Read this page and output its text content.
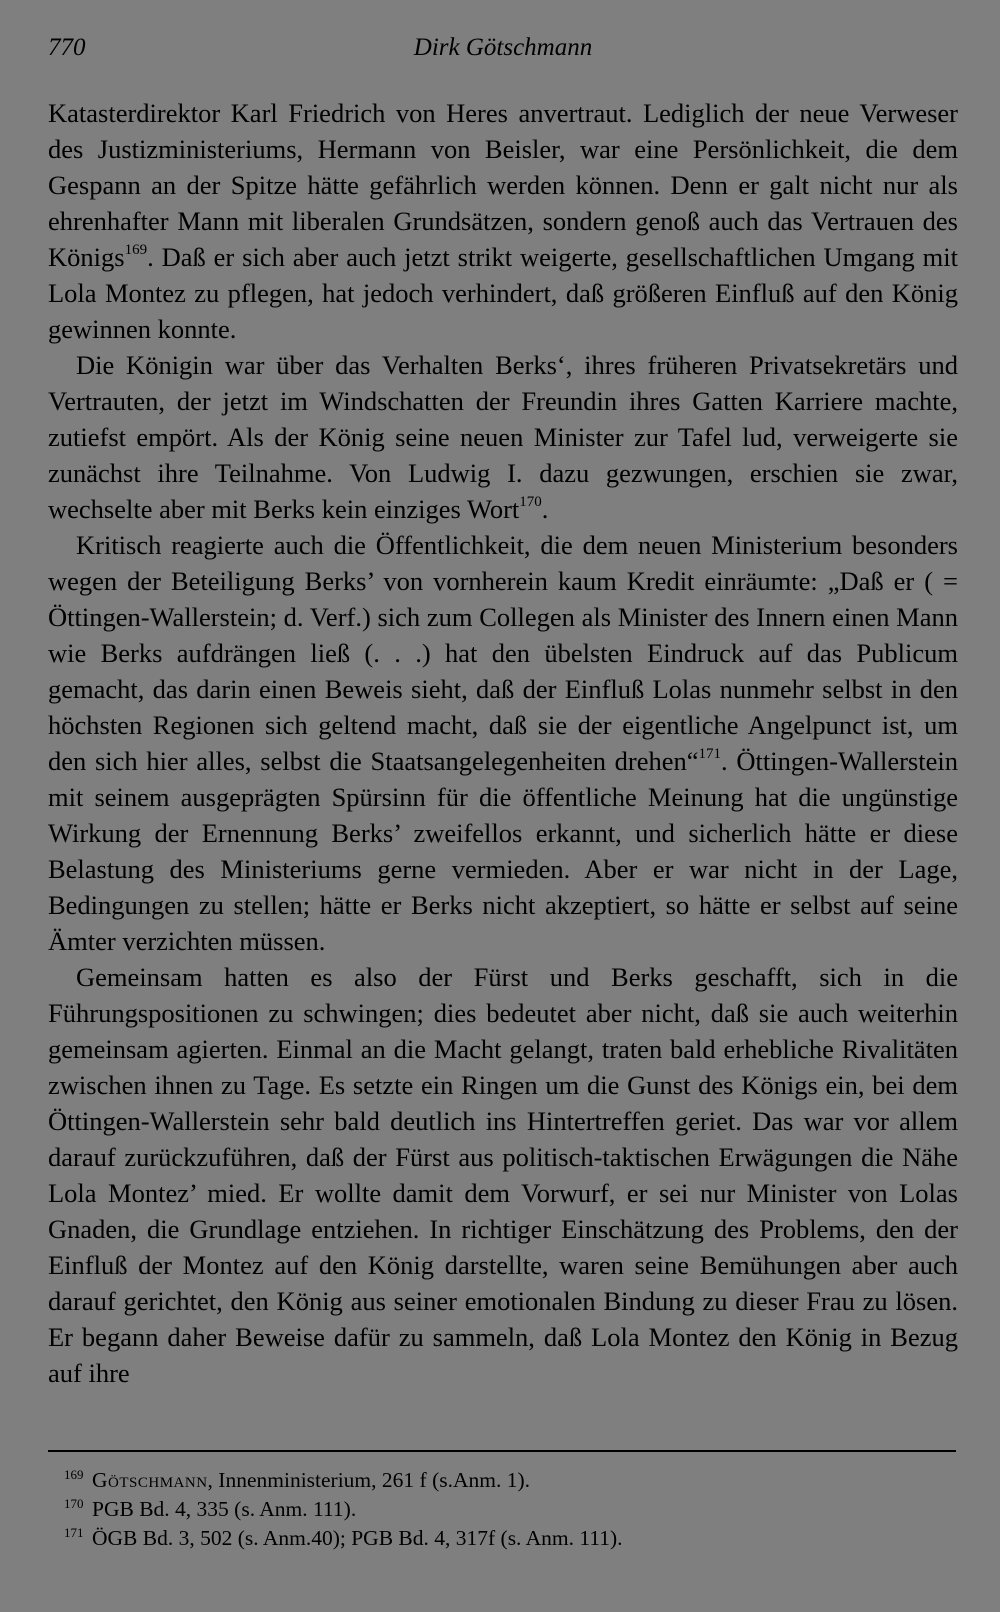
770	Dirk Götschmann

Katasterdirektor Karl Friedrich von Heres anvertraut. Lediglich der neue Verweser des Justizministeriums, Hermann von Beisler, war eine Persönlichkeit, die dem Gespann an der Spitze hätte gefährlich werden können. Denn er galt nicht nur als ehrenhafter Mann mit liberalen Grundsätzen, sondern genoß auch das Vertrauen des Königs$^{169}$. Daß er sich aber auch jetzt strikt weigerte, gesellschaftlichen Umgang mit Lola Montez zu pflegen, hat jedoch verhindert, daß größeren Einfluß auf den König gewinnen konnte.

Die Königin war über das Verhalten Berks‘, ihres früheren Privatsekretärs und Vertrauten, der jetzt im Windschatten der Freundin ihres Gatten Karriere machte, zutiefst empört. Als der König seine neuen Minister zur Tafel lud, verweigerte sie zunächst ihre Teilnahme. Von Ludwig I. dazu gezwungen, erschien sie zwar, wechselte aber mit Berks kein einziges Wort$^{170}$.

Kritisch reagierte auch die Öffentlichkeit, die dem neuen Ministerium besonders wegen der Beteiligung Berks’ von vornherein kaum Kredit einräumte: „Daß er ( = Öttingen-Wallerstein; d. Verf.) sich zum Collegen als Minister des Innern einen Mann wie Berks aufdrängen ließ (. . .) hat den übelsten Eindruck auf das Publicum gemacht, das darin einen Beweis sieht, daß der Einfluß Lolas nunmehr selbst in den höchsten Regionen sich geltend macht, daß sie der eigentliche Angelpunct ist, um den sich hier alles, selbst die Staatsangelegenheiten drehen“$^{171}$. Öttingen-Wallerstein mit seinem ausgeprägten Spürsinn für die öffentliche Meinung hat die ungünstige Wirkung der Ernennung Berks’ zweifellos erkannt, und sicherlich hätte er diese Belastung des Ministeriums gerne vermieden. Aber er war nicht in der Lage, Bedingungen zu stellen; hätte er Berks nicht akzeptiert, so hätte er selbst auf seine Ämter verzichten müssen.

Gemeinsam hatten es also der Fürst und Berks geschafft, sich in die Führungspositionen zu schwingen; dies bedeutet aber nicht, daß sie auch weiterhin gemeinsam agierten. Einmal an die Macht gelangt, traten bald erhebliche Rivalitäten zwischen ihnen zu Tage. Es setzte ein Ringen um die Gunst des Königs ein, bei dem Öttingen-Wallerstein sehr bald deutlich ins Hintertreffen geriet. Das war vor allem darauf zurückzuführen, daß der Fürst aus politisch-taktischen Erwägungen die Nähe Lola Montez’ mied. Er wollte damit dem Vorwurf, er sei nur Minister von Lolas Gnaden, die Grundlage entziehen. In richtiger Einschätzung des Problems, den der Einfluß der Montez auf den König darstellte, waren seine Bemühungen aber auch darauf gerichtet, den König aus seiner emotionalen Bindung zu dieser Frau zu lösen. Er begann daher Beweise dafür zu sammeln, daß Lola Montez den König in Bezug auf ihre

169 Götschmann, Innenministerium, 261 f (s.Anm. 1).
170 PGB Bd. 4, 335 (s. Anm. 111).
171 ÖGB Bd. 3, 502 (s. Anm.40); PGB Bd. 4, 317f (s. Anm. 111).
